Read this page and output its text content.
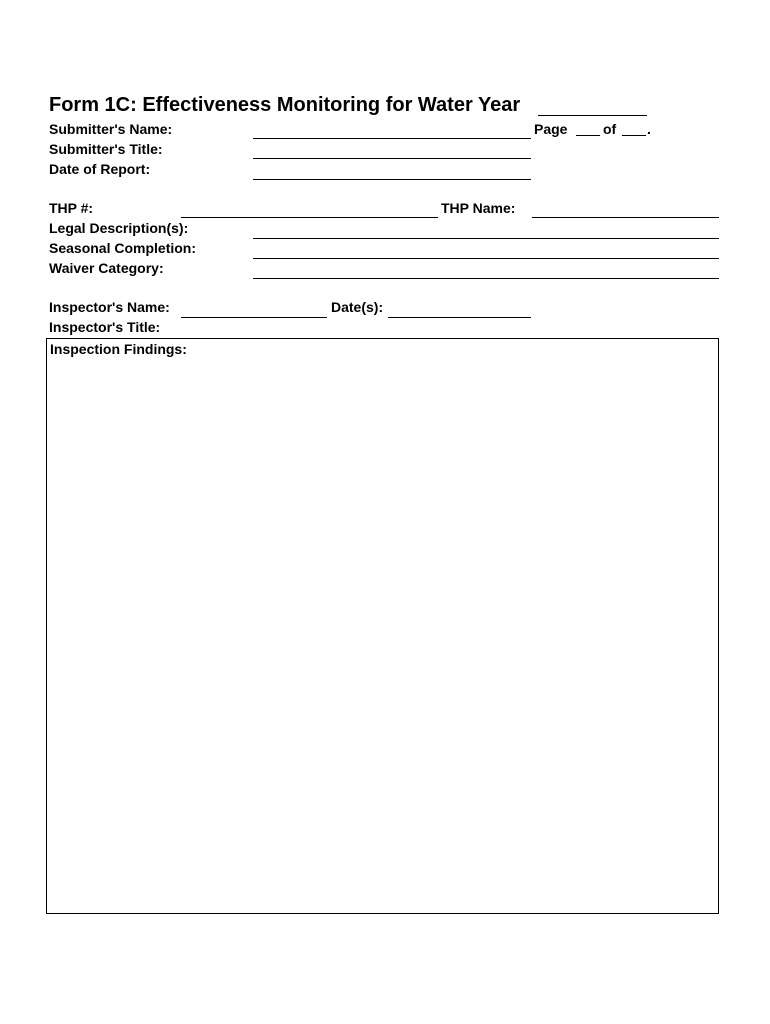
Form 1C: Effectiveness Monitoring for Water Year
Submitter's Name:	Page	of .
Submitter's Title:
Date of Report:
THP #:	THP Name:
Legal Description(s):
Seasonal Completion:
Waiver Category:
Inspector's Name:	Date(s):
Inspector's Title:
Inspection Findings:
